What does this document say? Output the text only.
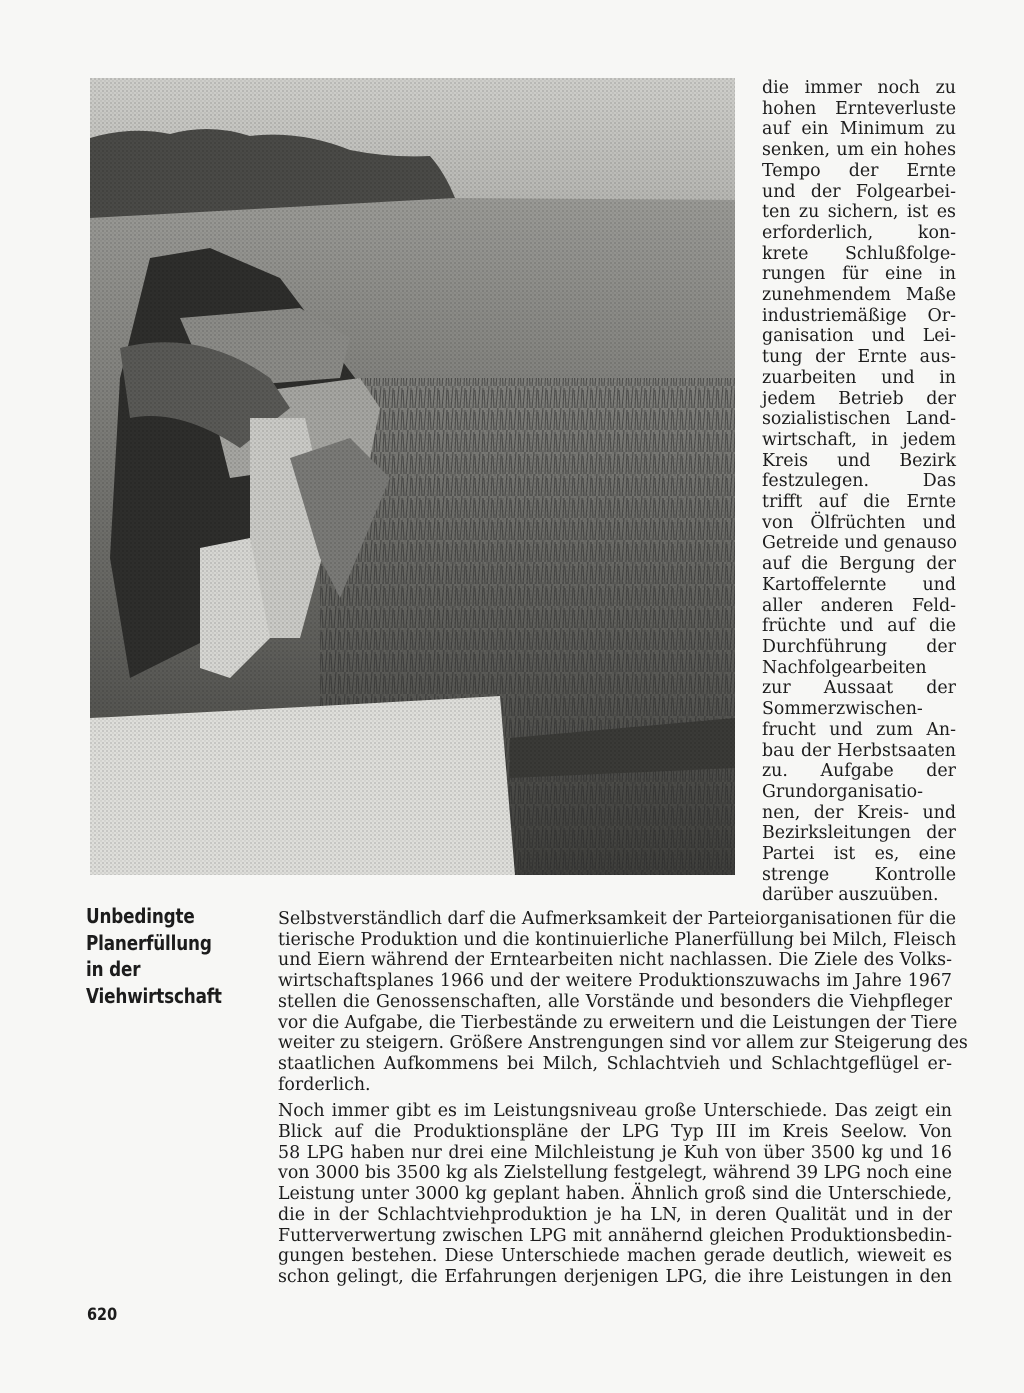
die immer noch zu
hohen Ernteverluste
auf ein Minimum zu
senken, um ein hohes
Tempo der Ernte
und der Folgearbei-
ten zu sichern, ist es
erforderlich, kon-
krete Schlußfolge-
rungen für eine in
zunehmendem Maße
industriemäßige Or-
ganisation und Lei-
tung der Ernte aus-
zuarbeiten und in
jedem Betrieb der
sozialistischen Land-
wirtschaft, in jedem
Kreis und Bezirk
festzulegen. Das
trifft auf die Ernte
von Ölfrüchten und
Getreide und genauso
auf die Bergung der
Kartoffelernte und
aller anderen Feld-
früchte und auf die
Durchführung der
Nachfolgearbeiten
zur Aussaat der
Sommerzwischen-
frucht und zum An-
bau der Herbstsaaten
zu. Aufgabe der
Grundorganisatio-
nen, der Kreis- und
Bezirksleitungen der
Partei ist es, eine
strenge Kontrolle
darüber auszuüben.
Unbedingte
Planerfüllung
in der
Viehwirtschaft
Selbstverständlich darf die Aufmerksamkeit der Parteiorganisationen für die
tierische Produktion und die kontinuierliche Planerfüllung bei Milch, Fleisch
und Eiern während der Erntearbeiten nicht nachlassen. Die Ziele des Volks-
wirtschaftsplanes 1966 und der weitere Produktionszuwachs im Jahre 1967
stellen die Genossenschaften, alle Vorstände und besonders die Viehpfleger
vor die Aufgabe, die Tierbestände zu erweitern und die Leistungen der Tiere
weiter zu steigern. Größere Anstrengungen sind vor allem zur Steigerung des
staatlichen Aufkommens bei Milch, Schlachtvieh und Schlachtgeflügel er-
forderlich.
Noch immer gibt es im Leistungsniveau große Unterschiede. Das zeigt ein
Blick auf die Produktionspläne der LPG Typ III im Kreis Seelow. Von
58 LPG haben nur drei eine Milchleistung je Kuh von über 3500 kg und 16
von 3000 bis 3500 kg als Zielstellung festgelegt, während 39 LPG noch eine
Leistung unter 3000 kg geplant haben. Ähnlich groß sind die Unterschiede,
die in der Schlachtviehproduktion je ha LN, in deren Qualität und in der
Futterverwertung zwischen LPG mit annähernd gleichen Produktionsbedin-
gungen bestehen. Diese Unterschiede machen gerade deutlich, wieweit es
schon gelingt, die Erfahrungen derjenigen LPG, die ihre Leistungen in den
620
